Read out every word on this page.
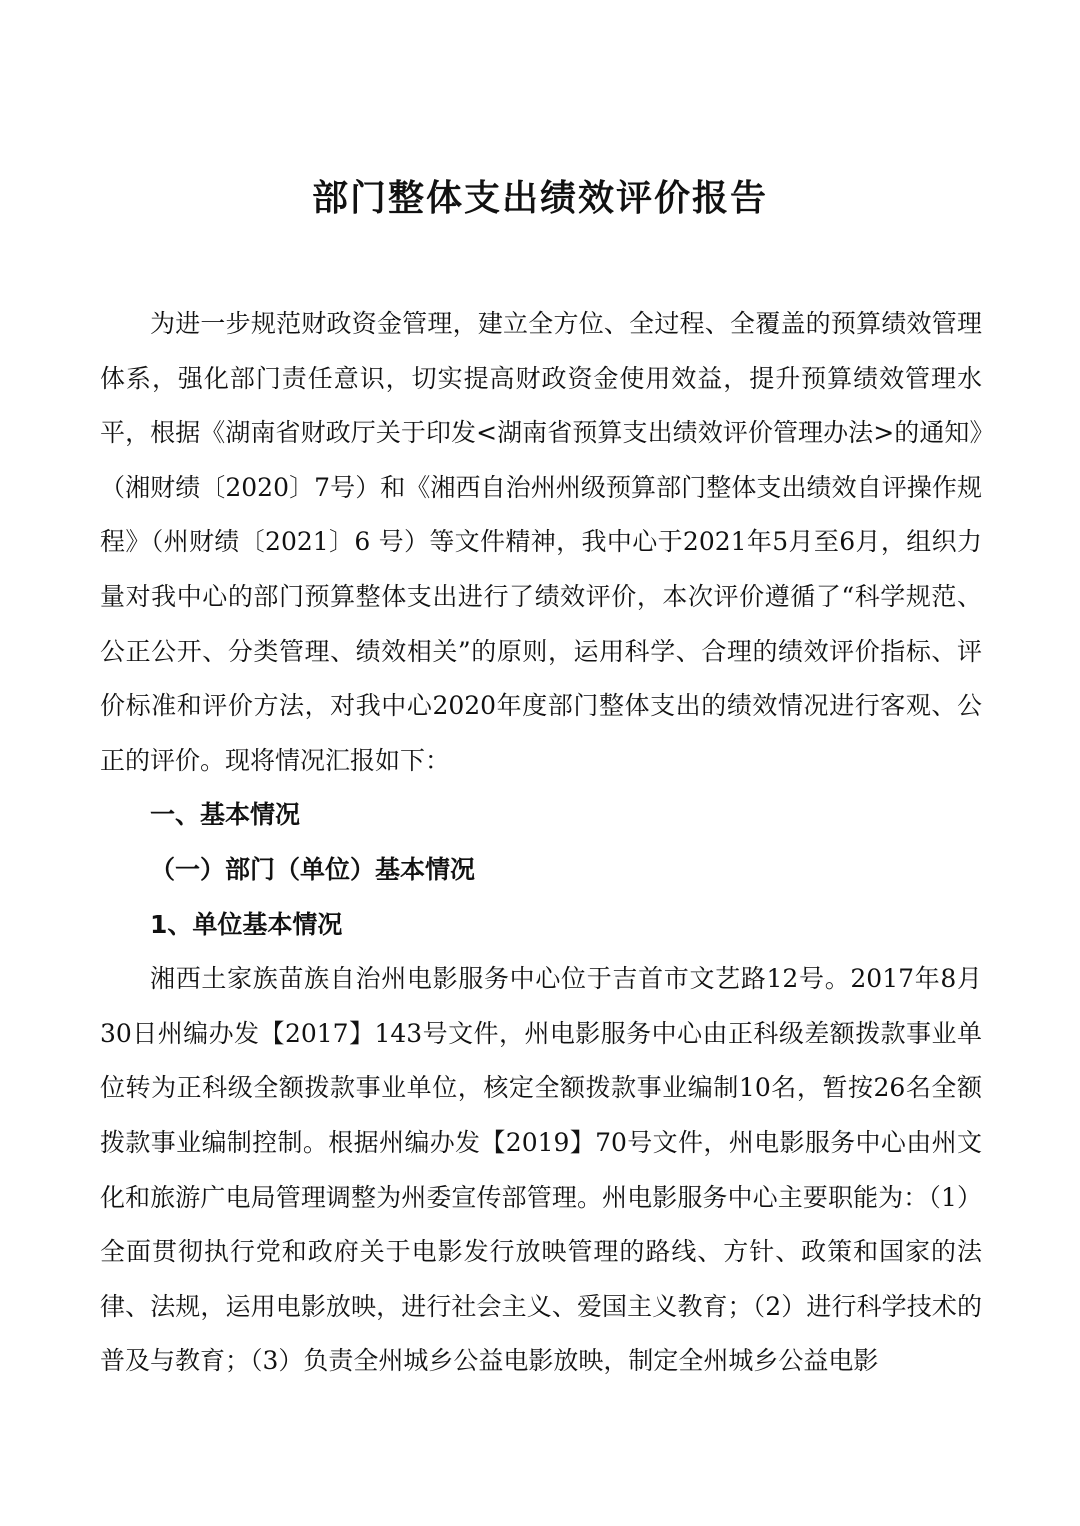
部门整体支出绩效评价报告

为进一步规范财政资金管理，建立全方位、全过程、全覆盖的预算绩效管理体系，强化部门责任意识，切实提高财政资金使用效益，提升预算绩效管理水平，根据《湖南省财政厅关于印发<湖南省预算支出绩效评价管理办法>的通知》（湘财绩〔2020〕7号）和《湘西自治州州级预算部门整体支出绩效自评操作规程》（州财绩〔2021〕6 号）等文件精神，我中心于2021年5月至6月，组织力量对我中心的部门预算整体支出进行了绩效评价，本次评价遵循了“科学规范、公正公开、分类管理、绩效相关”的原则，运用科学、合理的绩效评价指标、评价标准和评价方法，对我中心2020年度部门整体支出的绩效情况进行客观、公正的评价。现将情况汇报如下：

一、基本情况
（一）部门（单位）基本情况
1、单位基本情况

湘西土家族苗族自治州电影服务中心位于吉首市文艺路12号。2017年8月30日州编办发【2017】143号文件，州电影服务中心由正科级差额拨款事业单位转为正科级全额拨款事业单位，核定全额拨款事业编制10名，暂按26名全额拨款事业编制控制。根据州编办发【2019】70号文件，州电影服务中心由州文化和旅游广电局管理调整为州委宣传部管理。州电影服务中心主要职能为：（1）全面贯彻执行党和政府关于电影发行放映管理的路线、方针、政策和国家的法律、法规，运用电影放映，进行社会主义、爱国主义教育；（2）进行科学技术的普及与教育；（3）负责全州城乡公益电影放映，制定全州城乡公益电影
